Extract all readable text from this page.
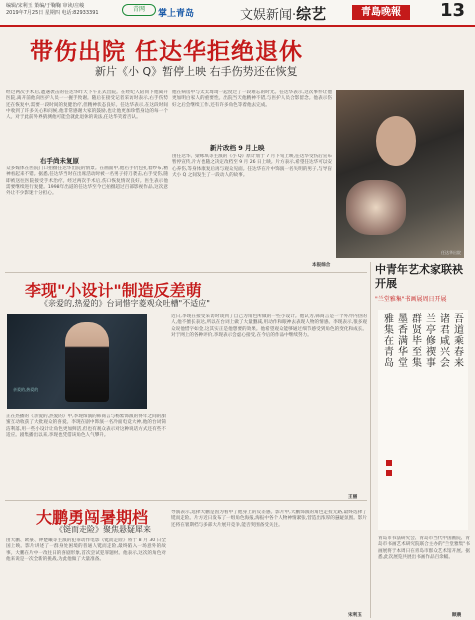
编辑/宋利玉 策编/于鞠鞠 审读/庄峻
2019年7月25日 星期四 电话:82933391	青网	掌上青岛	文娱新闻·综艺	青島晚報	13
带伤出院 任达华拒绝退休
新片《小 Q》暂停上映 右手伤势还在恢复
经过两次手术后,遭遇袭击的任达华昨天下午正式出院。在经纪人陪同下他离开医院,离开前他向医护人员一一握手致谢。随后在接受记者采访时表示,右手伤势还在恢复中,需要一段时间的复健治疗,但精神状态良好。任达华表示,在这段时间中收到了许多关心和问候,他非常感谢大家的鼓励,也让他更加珍惜身边的每一个人。对于此前外界猜测他可能会就此退休的说法,任达华笑着否认。
右手尚未复原
众多媒体在医院门口拍摄任达华出院的情景。在画面中,他右手仍包扎着纱布,精神看起来不错。据悉,任达华当时在出席活动时被一名男子持刀袭击,右手受伤,随即被送往医院接受手术治疗。经过两次手术后,伤口恢复情况良好。医生表示他需要继续进行复健。1998年出道的任达华至今已拍摄超过百部影视作品,这次意外让不少影迷十分担心。
他在病房中与太太琦琦一起度过了一段难忘的时光。任达华表示,这次事件让他更加明白家人的重要性。出院当天他精神不错,与医护人员合影留念。他表示伤好之后会继续工作,还有许多角色等着他去完成。
新片改档 9 月上映
由任达华、梁咏琪等主演的《小 Q》原计划于 7 月下旬上映,任达华受伤后宣布暂停宣传,片方也随之决定改档至 9 月 26 日上映。片方表示,希望任达华可以安心养伤,等身体康复后再与观众见面。任达华在片中饰演一名失明的男子,与导盲犬小 Q 之间发生了一段动人的故事。
本报综合
任达华出院
李现"小设计"制造反差萌
《亲爱的,热爱的》台词惜字菱观众吐槽"不适应"
亲爱的,热爱的
正在热播的《亲爱的,热爱的》中,李现饰演的韩商言与杨紫饰演的佟年之间的甜蜜互动收获了大批观众的喜爱。李现在剧中饰演一名冷面电竞大神,他的台词简洁利落,用一些小设计让角色更加鲜活,但也有观众表示对这种说话方式还有些不适应。剧集播出以来,李现也凭借该角色人气攀升。
近日,李现在接受采访时谈到了自己为角色所做的一些小设计。他认为,韩商言是一个外冷内热的人,他不擅长表达,所以在台词上做了大量删减,用动作和眼神去表现人物的情感。李现表示,很多观众说他惜字如金,这其实正是他想要的效果。他希望观众能够通过细节感受到角色的变化和成长。对于网上的各种评价,李现表示会虚心接受,在今后的作品中继续努力。
王丽
大鹏勇闯暑期档
《铤而走险》聚焦悬疑犀来
由大鹏、欧豪、钟楚曦等主演的犯罪动作电影《铤而走险》将于 8 月 30 日全国上映。影片讲述了一群身处困境的普通人铤而走险,最终陷入一场意外的故事。大鹏在片中一改往日的喜剧形象,首次尝试犯罪题材。他表示,这次的角色对他来说是一次全新的挑战,为此他做了大量准备。
导演表示,选择大鹏是因为看中了他身上的反差感。影片中,大鹏饰演的角色走投无路,最终选择了铤而走险。片方近日发布了一组角色海报,海报中各个人物神情紧张,营造出浓厚的悬疑氛围。影片还将在暑期档与多部大片展开竞争,能否突围备受关注。
宋利玉
中青年艺术家联袂开展
"兰堂雅集"书画展周日开展
吾道乘春来
诸君咸兴会
兰亭修禊事
群贤毕至集
墨香满华堂
雅集在青岛
青岛市书法研究会、青岛市当代中国画院、青岛市书画艺术研究院联合主办的"兰堂雅集"书画展将于本周日在青岛市群众艺术馆开展。据悉,此次展览共展出书画作品百余幅。
顾晨
